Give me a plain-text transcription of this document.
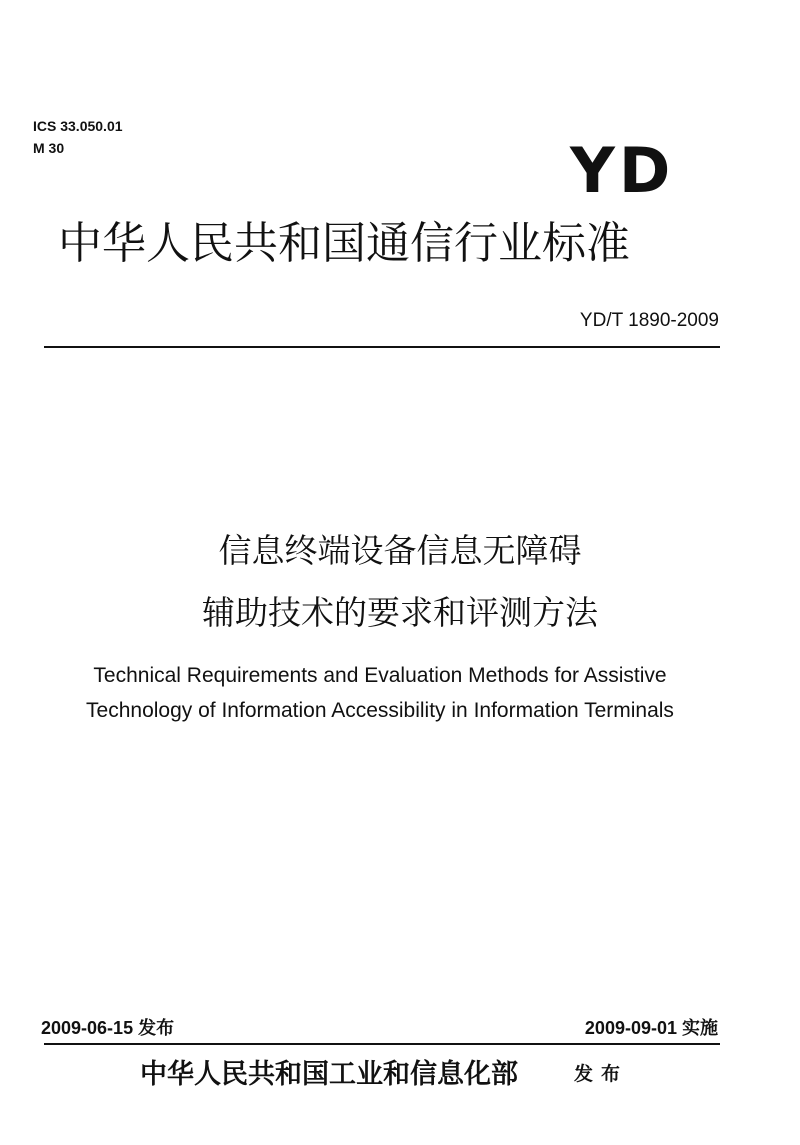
ICS 33.050.01
M 30	YD
中华人民共和国通信行业标准
YD/T 1890-2009
信息终端设备信息无障碍
辅助技术的要求和评测方法
Technical Requirements and Evaluation Methods for Assistive
Technology of Information Accessibility in Information Terminals
2009-06-15 发布	2009-09-01 实施
中华人民共和国工业和信息化部	发布
